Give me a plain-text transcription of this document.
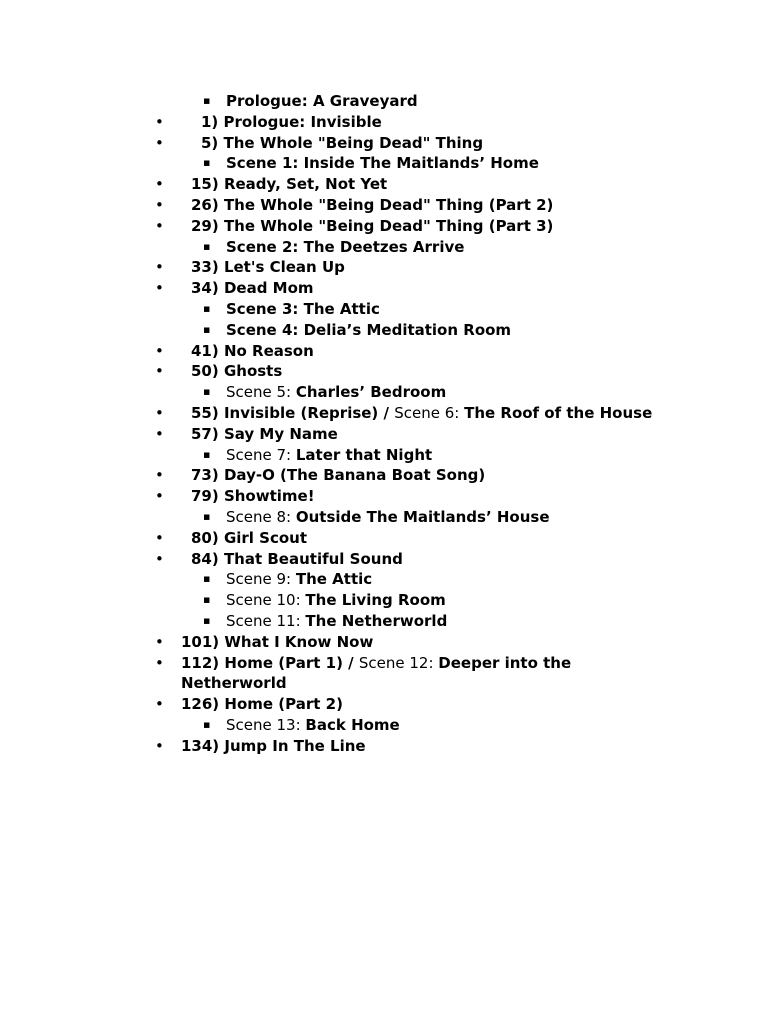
▪ Prologue: A Graveyard
• 1) Prologue: Invisible
• 5) The Whole "Being Dead" Thing
▪ Scene 1: Inside The Maitlands’ Home
• 15) Ready, Set, Not Yet
• 26) The Whole "Being Dead" Thing (Part 2)
• 29) The Whole "Being Dead" Thing (Part 3)
▪ Scene 2: The Deetzes Arrive
• 33) Let's Clean Up
• 34) Dead Mom
▪ Scene 3: The Attic
▪ Scene 4: Delia’s Meditation Room
• 41) No Reason
• 50) Ghosts
▪ Scene 5: Charles’ Bedroom
• 55) Invisible (Reprise) / Scene 6: The Roof of the House
• 57) Say My Name
▪ Scene 7: Later that Night
• 73) Day-O (The Banana Boat Song)
• 79) Showtime!
▪ Scene 8: Outside The Maitlands’ House
• 80) Girl Scout
• 84) That Beautiful Sound
▪ Scene 9: The Attic
▪ Scene 10: The Living Room
▪ Scene 11: The Netherworld
• 101) What I Know Now
• 112) Home (Part 1) / Scene 12: Deeper into the
Netherworld
• 126) Home (Part 2)
▪ Scene 13: Back Home
• 134) Jump In The Line
